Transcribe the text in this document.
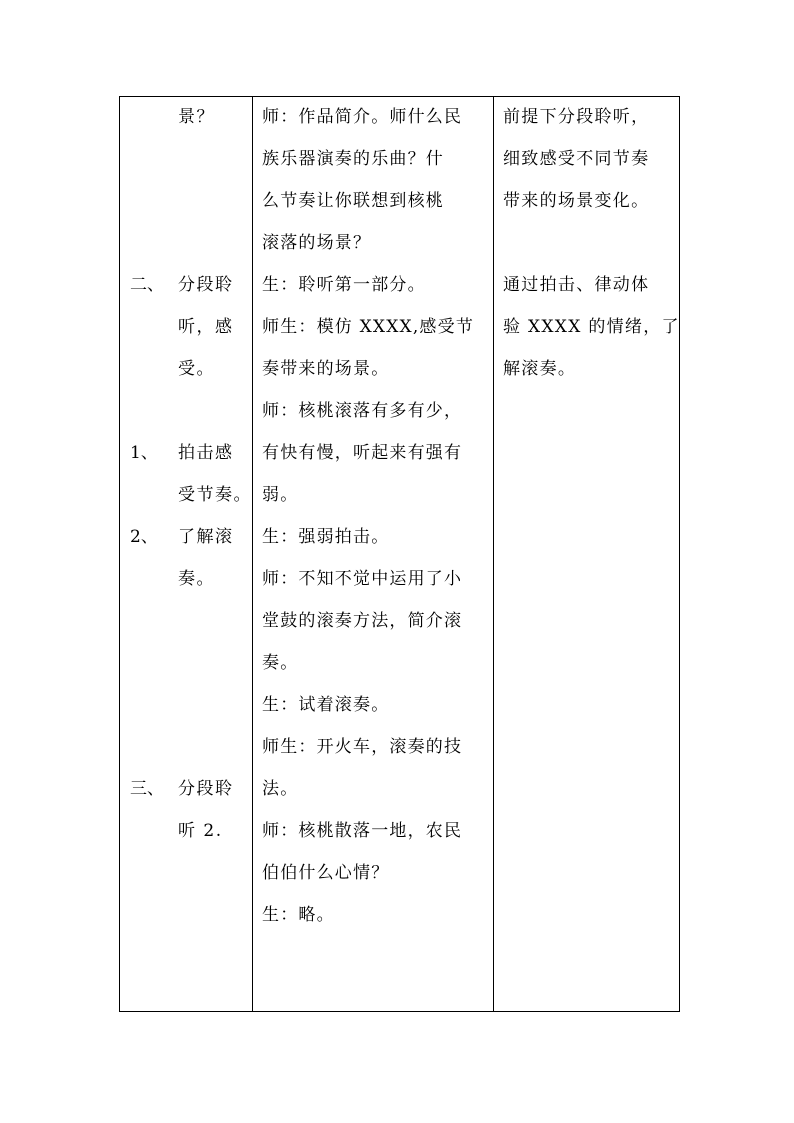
景？
二、 分段聆
听，感
受。
1、 拍击感
受节奏。
2、 了解滚
奏。
三、 分段聆
听 2.
师：作品简介。师什么民
族乐器演奏的乐曲？什
么节奏让你联想到核桃
滚落的场景？
生：聆听第一部分。
师生：模仿 XXXX,感受节
奏带来的场景。
师：核桃滚落有多有少，
有快有慢，听起来有强有
弱。
生：强弱拍击。
师：不知不觉中运用了小
堂鼓的滚奏方法，简介滚
奏。
生：试着滚奏。
师生：开火车，滚奏的技
法。
师：核桃散落一地，农民
伯伯什么心情？
生：略。
前提下分段聆听，
细致感受不同节奏
带来的场景变化。
通过拍击、律动体
验 XXXX 的情绪，了
解滚奏。
